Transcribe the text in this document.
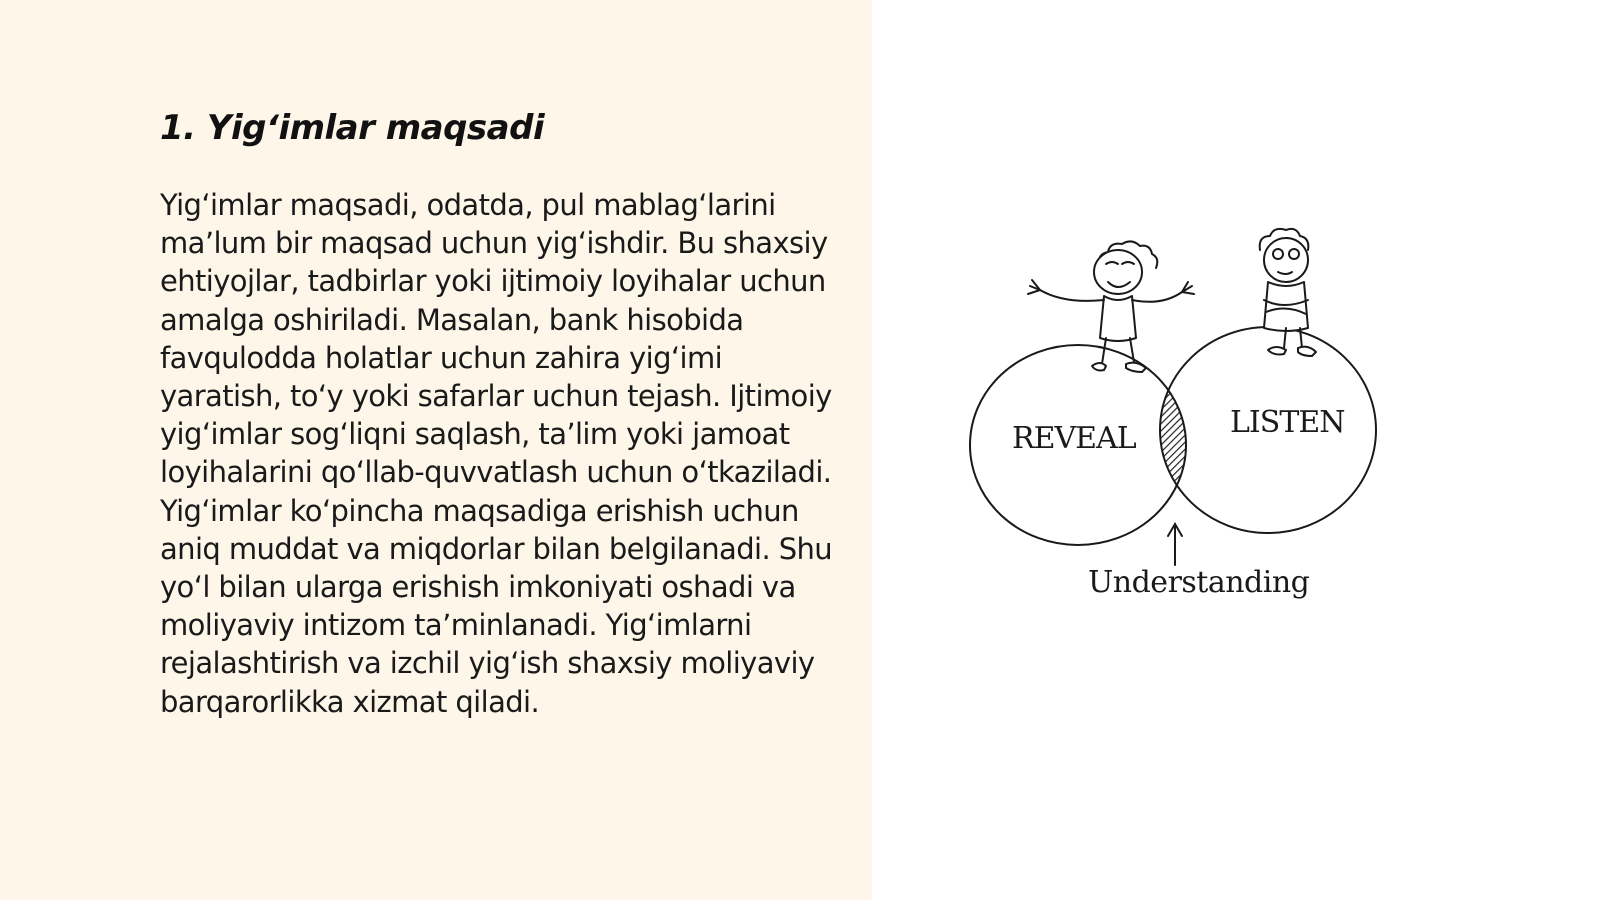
1. Yig‘imlar maqsadi

Yig‘imlar maqsadi, odatda, pul mablag‘larini ma’lum bir maqsad uchun yig‘ishdir. Bu shaxsiy ehtiyojlar, tadbirlar yoki ijtimoiy loyihalar uchun amalga oshiriladi. Masalan, bank hisobida favqulodda holatlar uchun zahira yig‘imi yaratish, to‘y yoki safarlar uchun tejash. Ijtimoiy yig‘imlar sog‘liqni saqlash, ta’lim yoki jamoat loyihalarini qo‘llab-quvvatlash uchun o‘tkaziladi. Yig‘imlar ko‘pincha maqsadiga erishish uchun aniq muddat va miqdorlar bilan belgilanadi. Shu yo‘l bilan ularga erishish imkoniyati oshadi va moliyaviy intizom ta’minlanadi. Yig‘imlarni rejalashtirish va izchil yig‘ish shaxsiy moliyaviy barqarorlikka xizmat qiladi.

REVEAL	LISTEN
Understanding
